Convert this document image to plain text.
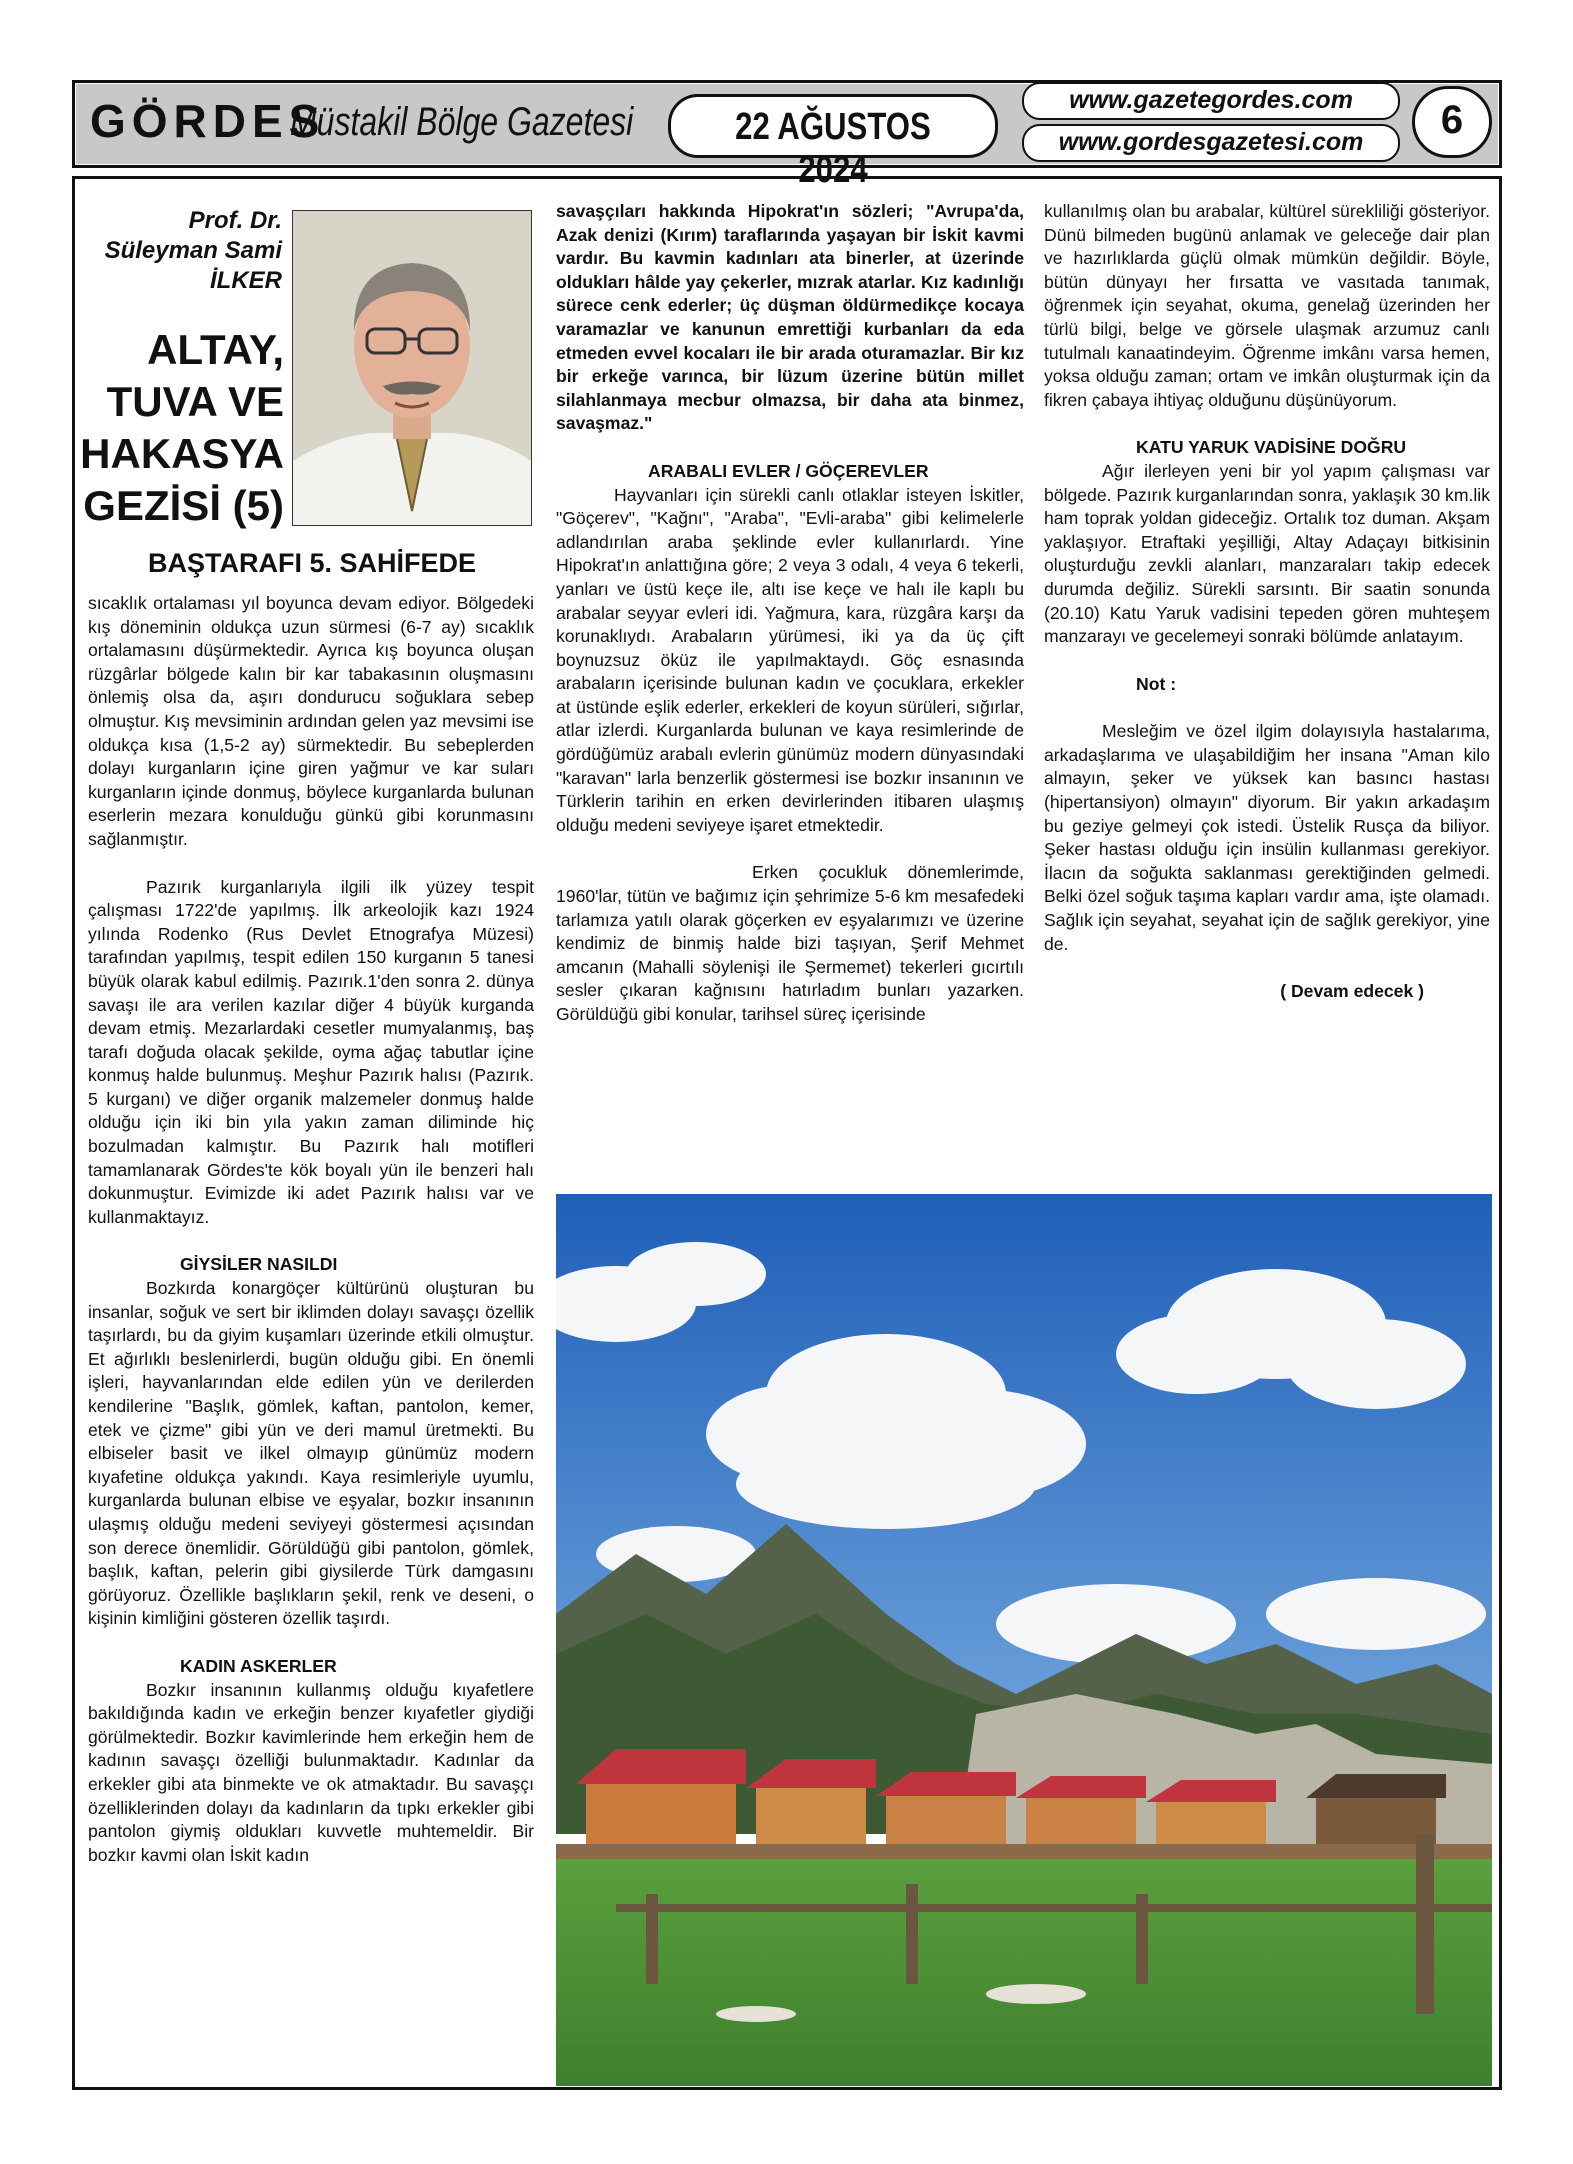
GÖRDES
Müstakil Bölge Gazetesi	22 AĞUSTOS 2024
www.gazetegordes.com
www.gordesgazetesi.com	6
Prof. Dr. Süleyman Sami İLKER
ALTAY, TUVA VE HAKASYA GEZİSİ (5)
BAŞTARAFI 5. SAHİFEDE

sıcaklık ortalaması yıl boyunca devam ediyor. Bölgedeki kış döneminin oldukça uzun sürmesi (6-7 ay) sıcaklık ortalamasını düşürmektedir. Ayrıca kış boyunca oluşan rüzgârlar bölgede kalın bir kar tabakasının oluşmasını önlemiş olsa da, aşırı dondurucu soğuklara sebep olmuştur. Kış mevsiminin ardından gelen yaz mevsimi ise oldukça kısa (1,5-2 ay) sürmektedir. Bu sebeplerden dolayı kurganların içine giren yağmur ve kar suları kurganların içinde donmuş, böylece kurganlarda bulunan eserlerin mezara konulduğu günkü gibi korunmasını sağlanmıştır.

Pazırık kurganlarıyla ilgili ilk yüzey tespit çalışması 1722'de yapılmış. İlk arkeolojik kazı 1924 yılında Rodenko (Rus Devlet Etnografya Müzesi) tarafından yapılmış, tespit edilen 150 kurganın 5 tanesi büyük olarak kabul edilmiş. Pazırık.1'den sonra 2. dünya savaşı ile ara verilen kazılar diğer 4 büyük kurganda devam etmiş. Mezarlardaki cesetler mumyalanmış, baş tarafı doğuda olacak şekilde, oyma ağaç tabutlar içine konmuş halde bulunmuş. Meşhur Pazırık halısı (Pazırık. 5 kurganı) ve diğer organik malzemeler donmuş halde olduğu için iki bin yıla yakın zaman diliminde hiç bozulmadan kalmıştır. Bu Pazırık halı motifleri tamamlanarak Gördes'te kök boyalı yün ile benzeri halı dokunmuştur. Evimizde iki adet Pazırık halısı var ve kullanmaktayız.

GİYSİLER NASILDI

Bozkırda konargöçer kültürünü oluşturan bu insanlar, soğuk ve sert bir iklimden dolayı savaşçı özellik taşırlardı, bu da giyim kuşamları üzerinde etkili olmuştur. Et ağırlıklı beslenirlerdi, bugün olduğu gibi. En önemli işleri, hayvanlarından elde edilen yün ve derilerden kendilerine "Başlık, gömlek, kaftan, pantolon, kemer, etek ve çizme" gibi yün ve deri mamul üretmekti. Bu elbiseler basit ve ilkel olmayıp günümüz modern kıyafetine oldukça yakındı. Kaya resimleriyle uyumlu, kurganlarda bulunan elbise ve eşyalar, bozkır insanının ulaşmış olduğu medeni seviyeyi göstermesi açısından son derece önemlidir. Görüldüğü gibi pantolon, gömlek, başlık, kaftan, pelerin gibi giysilerde Türk damgasını görüyoruz. Özellikle başlıkların şekil, renk ve deseni, o kişinin kimliğini gösteren özellik taşırdı.

KADIN ASKERLER

Bozkır insanının kullanmış olduğu kıyafetlere bakıldığında kadın ve erkeğin benzer kıyafetler giydiği görülmektedir. Bozkır kavimlerinde hem erkeğin hem de kadının savaşçı özelliği bulunmaktadır. Kadınlar da erkekler gibi ata binmekte ve ok atmaktadır. Bu savaşçı özelliklerinden dolayı da kadınların da tıpkı erkekler gibi pantolon giymiş oldukları kuvvetle muhtemeldir. Bir bozkır kavmi olan İskit kadın

savaşçıları hakkında Hipokrat'ın sözleri; "Avrupa'da, Azak denizi (Kırım) taraflarında yaşayan bir İskit kavmi vardır. Bu kavmin kadınları ata binerler, at üzerinde oldukları hâlde yay çekerler, mızrak atarlar. Kız kadınlığı sürece cenk ederler; üç düşman öldürmedikçe kocaya varamazlar ve kanunun emrettiği kurbanları da eda etmeden evvel kocaları ile bir arada oturamazlar. Bir kız bir erkeğe varınca, bir lüzum üzerine bütün millet silahlanmaya mecbur olmazsa, bir daha ata binmez, savaşmaz."

ARABALI EVLER / GÖÇEREVLER

Hayvanları için sürekli canlı otlaklar isteyen İskitler, "Göçerev", "Kağnı", "Araba", "Evli-araba" gibi kelimelerle adlandırılan araba şeklinde evler kullanırlardı. Yine Hipokrat'ın anlattığına göre; 2 veya 3 odalı, 4 veya 6 tekerli, yanları ve üstü keçe ile, altı ise keçe ve halı ile kaplı bu arabalar seyyar evleri idi. Yağmura, kara, rüzgâra karşı da korunaklıydı. Arabaların yürümesi, iki ya da üç çift boynuzsuz öküz ile yapılmaktaydı. Göç esnasında arabaların içerisinde bulunan kadın ve çocuklara, erkekler at üstünde eşlik ederler, erkekleri de koyun sürüleri, sığırlar, atlar izlerdi. Kurganlarda bulunan ve kaya resimlerinde de gördüğümüz arabalı evlerin günümüz modern dünyasındaki "karavan" larla benzerlik göstermesi ise bozkır insanının ve Türklerin tarihin en erken devirlerinden itibaren ulaşmış olduğu medeni seviyeye işaret etmektedir.

Erken çocukluk dönemlerimde, 1960'lar, tütün ve bağımız için şehrimize 5-6 km mesafedeki tarlamıza yatılı olarak göçerken ev eşyalarımızı ve üzerine kendimiz de binmiş halde bizi taşıyan, Şerif Mehmet amcanın (Mahalli söylenişi ile Şermemet) tekerleri gıcırtılı sesler çıkaran kağnısını hatırladım bunları yazarken. Görüldüğü gibi konular, tarihsel süreç içerisinde

kullanılmış olan bu arabalar, kültürel sürekliliği gösteriyor. Dünü bilmeden bugünü anlamak ve geleceğe dair plan ve hazırlıklarda güçlü olmak mümkün değildir. Böyle, bütün dünyayı her fırsatta ve vasıtada tanımak, öğrenmek için seyahat, okuma, genelağ üzerinden her türlü bilgi, belge ve görsele ulaşmak arzumuz canlı tutulmalı kanaatindeyim. Öğrenme imkânı varsa hemen, yoksa olduğu zaman; ortam ve imkân oluşturmak için da fikren çabaya ihtiyaç olduğunu düşünüyorum.

KATU YARUK VADİSİNE DOĞRU

Ağır ilerleyen yeni bir yol yapım çalışması var bölgede. Pazırık kurganlarından sonra, yaklaşık 30 km.lik ham toprak yoldan gideceğiz. Ortalık toz duman. Akşam yaklaşıyor. Etraftaki yeşilliği, Altay Adaçayı bitkisinin oluşturduğu zevkli alanları, manzaraları takip edecek durumda değiliz. Sürekli sarsıntı. Bir saatin sonunda (20.10) Katu Yaruk vadisini tepeden gören muhteşem manzarayı ve gecelemeyi sonraki bölümde anlatayım.

Not :

Mesleğim ve özel ilgim dolayısıyla hastalarıma, arkadaşlarıma ve ulaşabildiğim her insana "Aman kilo almayın, şeker ve yüksek kan basıncı hastası (hipertansiyon) olmayın" diyorum. Bir yakın arkadaşım bu geziye gelmeyi çok istedi. Üstelik Rusça da biliyor. Şeker hastası olduğu için insülin kullanması gerekiyor. İlacın da soğukta saklanması gerektiğinden gelmedi. Belki özel soğuk taşıma kapları vardır ama, işte olamadı. Sağlık için seyahat, seyahat için de sağlık gerekiyor, yine de.

( Devam edecek )
